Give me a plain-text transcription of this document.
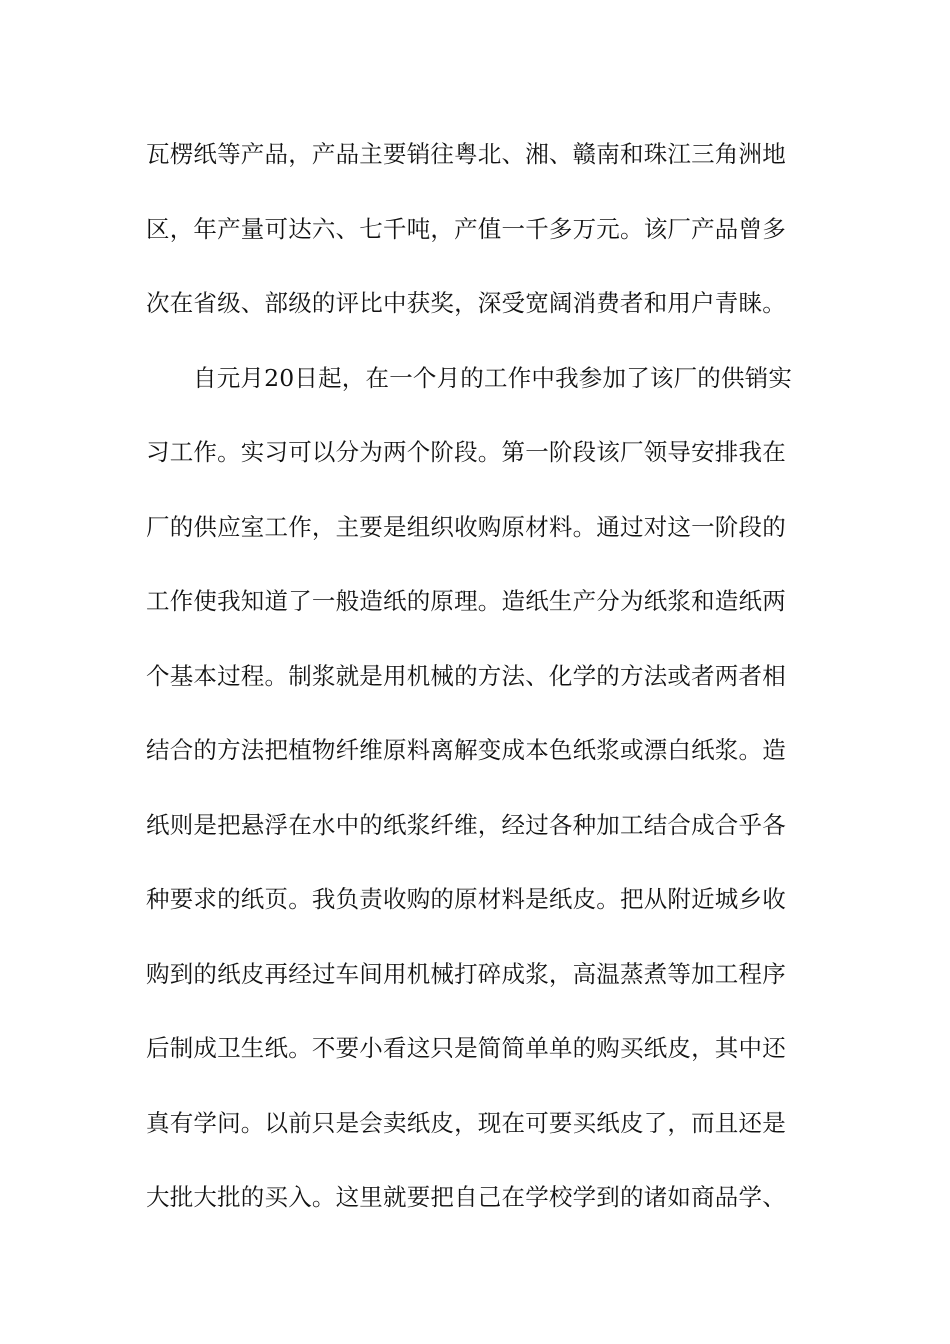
瓦楞纸等产品，产品主要销往粤北、湘、赣南和珠江三角洲地
区，年产量可达六、七千吨，产值一千多万元。该厂产品曾多
次在省级、部级的评比中获奖，深受宽阔消费者和用户青睐。
自元月20日起，在一个月的工作中我参加了该厂的供销实
习工作。实习可以分为两个阶段。第一阶段该厂领导安排我在
厂的供应室工作，主要是组织收购原材料。通过对这一阶段的
工作使我知道了一般造纸的原理。造纸生产分为纸浆和造纸两
个基本过程。制浆就是用机械的方法、化学的方法或者两者相
结合的方法把植物纤维原料离解变成本色纸浆或漂白纸浆。造
纸则是把悬浮在水中的纸浆纤维，经过各种加工结合成合乎各
种要求的纸页。我负责收购的原材料是纸皮。把从附近城乡收
购到的纸皮再经过车间用机械打碎成浆，高温蒸煮等加工程序
后制成卫生纸。不要小看这只是简简单单的购买纸皮，其中还
真有学问。以前只是会卖纸皮，现在可要买纸皮了，而且还是
大批大批的买入。这里就要把自己在学校学到的诸如商品学、
